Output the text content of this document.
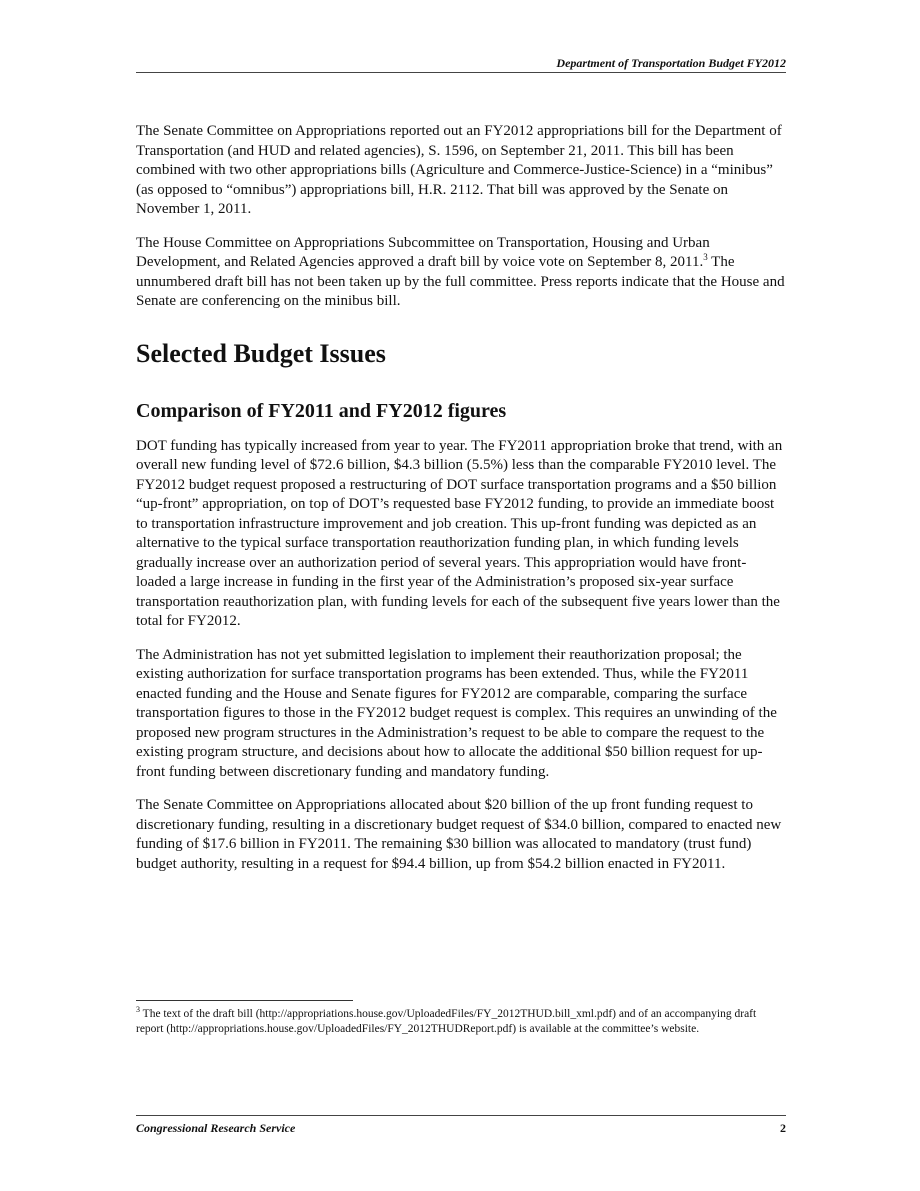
Department of Transportation Budget FY2012

The Senate Committee on Appropriations reported out an FY2012 appropriations bill for the Department of Transportation (and HUD and related agencies), S. 1596, on September 21, 2011. This bill has been combined with two other appropriations bills (Agriculture and Commerce-Justice-Science) in a “minibus” (as opposed to “omnibus”) appropriations bill, H.R. 2112. That bill was approved by the Senate on November 1, 2011.

The House Committee on Appropriations Subcommittee on Transportation, Housing and Urban Development, and Related Agencies approved a draft bill by voice vote on September 8, 2011.$^3$ The unnumbered draft bill has not been taken up by the full committee. Press reports indicate that the House and Senate are conferencing on the minibus bill.

Selected Budget Issues
Comparison of FY2011 and FY2012 figures

DOT funding has typically increased from year to year. The FY2011 appropriation broke that trend, with an overall new funding level of $72.6 billion, $4.3 billion (5.5%) less than the comparable FY2010 level. The FY2012 budget request proposed a restructuring of DOT surface transportation programs and a $50 billion “up-front” appropriation, on top of DOT’s requested base FY2012 funding, to provide an immediate boost to transportation infrastructure improvement and job creation. This up-front funding was depicted as an alternative to the typical surface transportation reauthorization funding plan, in which funding levels gradually increase over an authorization period of several years. This appropriation would have front-loaded a large increase in funding in the first year of the Administration’s proposed six-year surface transportation reauthorization plan, with funding levels for each of the subsequent five years lower than the total for FY2012.

The Administration has not yet submitted legislation to implement their reauthorization proposal; the existing authorization for surface transportation programs has been extended. Thus, while the FY2011 enacted funding and the House and Senate figures for FY2012 are comparable, comparing the surface transportation figures to those in the FY2012 budget request is complex. This requires an unwinding of the proposed new program structures in the Administration’s request to be able to compare the request to the existing program structure, and decisions about how to allocate the additional $50 billion request for up-front funding between discretionary funding and mandatory funding.

The Senate Committee on Appropriations allocated about $20 billion of the up front funding request to discretionary funding, resulting in a discretionary budget request of $34.0 billion, compared to enacted new funding of $17.6 billion in FY2011. The remaining $30 billion was allocated to mandatory (trust fund) budget authority, resulting in a request for $94.4 billion, up from $54.2 billion enacted in FY2011.

$^3$ The text of the draft bill (http://appropriations.house.gov/UploadedFiles/FY_2012THUD.bill_xml.pdf) and of an accompanying draft report (http://appropriations.house.gov/UploadedFiles/FY_2012THUDReport.pdf) is available at the committee’s website.
Congressional Research Service	2
